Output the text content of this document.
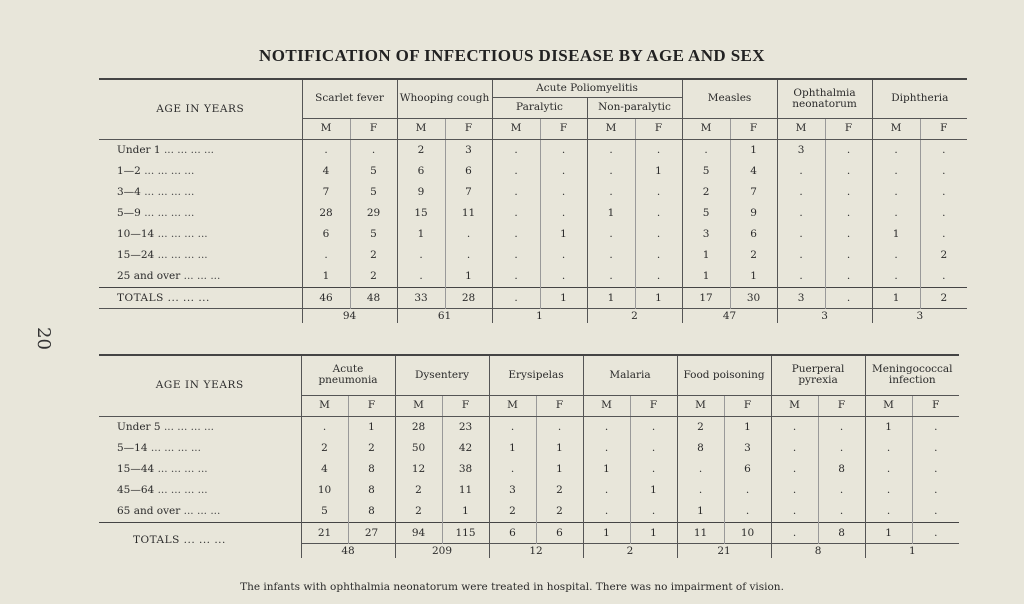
20
NOTIFICATION OF INFECTIOUS DISEASE BY AGE AND SEX
AGE IN YEARS	Scarlet fever		Whooping cough		Acute Poliomyelitis				Measles		Ophthalmia neonatorum		Diphtheria	
					Paralytic		Non-paralytic							
	M	F	M	F	M	F	M	F	M	F	M	F	M	F
Under 1 ... ... ... ...	.	.	2	3	.	.	.	.	.	1	3	.	.	.
1—2 ... ... ... ...	4	5	6	6	.	.	.	1	5	4	.	.	.	.
3—4 ... ... ... ...	7	5	9	7	.	.	.	.	2	7	.	.	.	.
5—9 ... ... ... ...	28	29	15	11	.	.	1	.	5	9	.	.	.	.
10—14 ... ... ... ...	6	5	1	.	.	1	.	.	3	6	.	.	1	.
15—24 ... ... ... ...	.	2	.	.	.	.	.	.	1	2	.	.	.	2
25 and over ... ... ...	1	2	.	1	.	.	.	.	1	1	.	.	.	.
TOTALS ... ... ...	46	48	33	28	.	1	1	1	17	30	3	.	1	2
	94		61		1		2		47		3		3	
AGE IN YEARS	Acute pneumonia		Dysentery		Erysipelas		Malaria		Food poisoning		Puerperal pyrexia		Meningococcal infection	
	M	F	M	F	M	F	M	F	M	F	M	F	M	F
Under 5 ... ... ... ...	.	1	28	23	.	.	.	.	2	1	.	.	1	.
5—14 ... ... ... ...	2	2	50	42	1	1	.	.	8	3	.	.	.	.
15—44 ... ... ... ...	4	8	12	38	.	1	1	.	.	6	.	8	.	.
45—64 ... ... ... ...	10	8	2	11	3	2	.	1	.	.	.	.	.	.
65 and over ... ... ...	5	8	2	1	2	2	.	.	1	.	.	.	.	.
TOTALS ... ... ...	21	27	94	115	6	6	1	1	11	10	.	8	1	.
	48		209		12		2		21		8		1	
The infants with ophthalmia neonatorum were treated in hospital. There was no impairment of vision.
